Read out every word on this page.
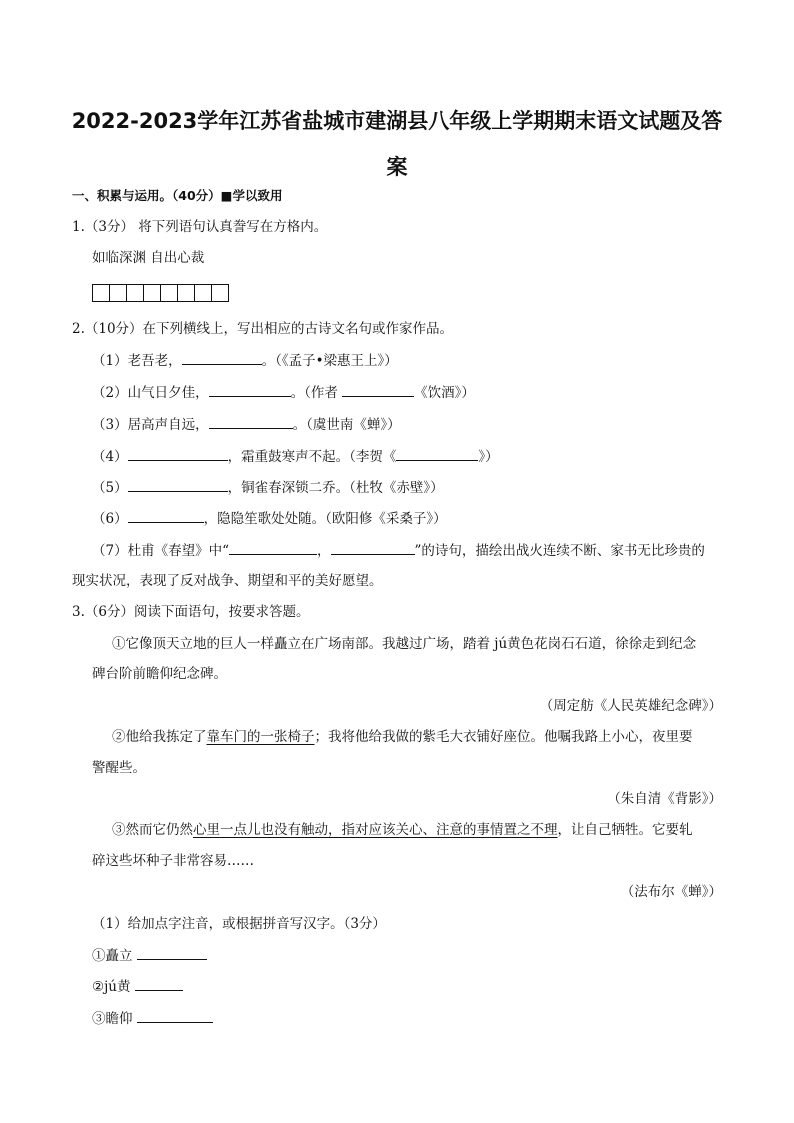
2022-2023学年江苏省盐城市建湖县八年级上学期期末语文试题及答
案
一、积累与运用。（40分）■学以致用
1.（3分） 将下列语句认真誊写在方格内。
如临深渊 自出心裁
2.（10分）在下列横线上，写出相应的古诗文名句或作家作品。
（1）老吾老，	。（《孟子•梁惠王上》）
（2）山气日夕佳，	。（作者	《饮酒》）
（3）居高声自远，	。（虞世南《蝉》）
（4）	，霜重鼓寒声不起。（李贺《	》）
（5）	，铜雀春深锁二乔。（杜牧《赤壁》）
（6）	，隐隐笙歌处处随。（欧阳修《采桑子》）
（7）杜甫《春望》中“	，	”的诗句，描绘出战火连续不断、家书无比珍贵的
现实状况，表现了反对战争、期望和平的美好愿望。
3.（6分）阅读下面语句，按要求答题。
①它像顶天立地的巨人一样矗立在广场南部。我越过广场，踏着 jú黄色花岗石石道，徐徐走到纪念
碑台阶前瞻仰纪念碑。
（周定舫《人民英雄纪念碑》）
②他给我拣定了靠车门的一张椅子；我将他给我做的紫毛大衣铺好座位。他嘱我路上小心，夜里要
警醒些。
（朱自清《背影》）
③然而它仍然心里一点儿也没有触动，指对应该关心、注意的事情置之不理，让自己牺牲。它要轧
碎这些坏种子非常容易……
（法布尔《蝉》）
（1）给加点字注音，或根据拼音写汉字。（3分）
①矗立
②jú黄
③瞻仰
